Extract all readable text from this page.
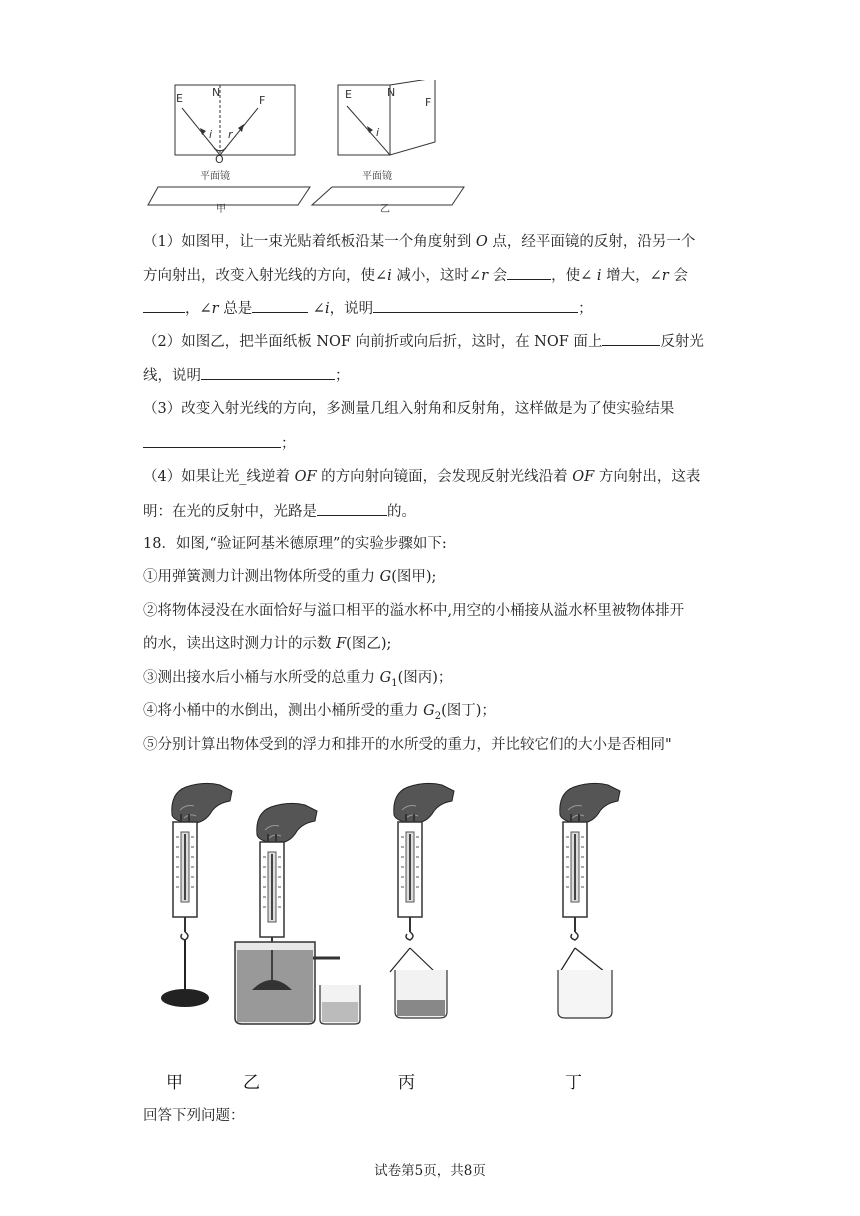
E	N
F
i r
O
平面镜
甲
E	N
F
i
平面镜
乙
（1）如图甲，让一束光贴着纸板沿某一个角度射到 O 点，经平面镜的反射，沿另一个
方向射出，改变入射光线的方向，使∠i 减小，这时∠r 会	，使∠ i 增大，∠r 会
，∠r 总是	∠i，说明	；
（2）如图乙，把半面纸板 NOF 向前折或向后折，这时，在 NOF 面上	反射光
线，说明	；
（3）改变入射光线的方向，多测量几组入射角和反射角，这样做是为了使实验结果
；
（4）如果让光_线逆着 OF 的方向射向镜面，会发现反射光线沿着 OF 方向射出，这表
明：在光的反射中，光路是	的。
18．如图,“验证阿基米德原理”的实验步骤如下:
①用弹簧测力计测出物体所受的重力 G(图甲);
②将物体浸没在水面恰好与溢口相平的溢水杯中,用空的小桶接从溢水杯里被物体排开
的水，读出这时测力计的示数 F(图乙);
③测出接水后小桶与水所受的总重力 $G_1$(图丙)；
④将小桶中的水倒出，测出小桶所受的重力 $G_2$(图丁)；
⑤分别计算出物体受到的浮力和排开的水所受的重力，并比较它们的大小是否相同"
甲	乙	丙	丁
回答下列问题：
试卷第5页，共8页
